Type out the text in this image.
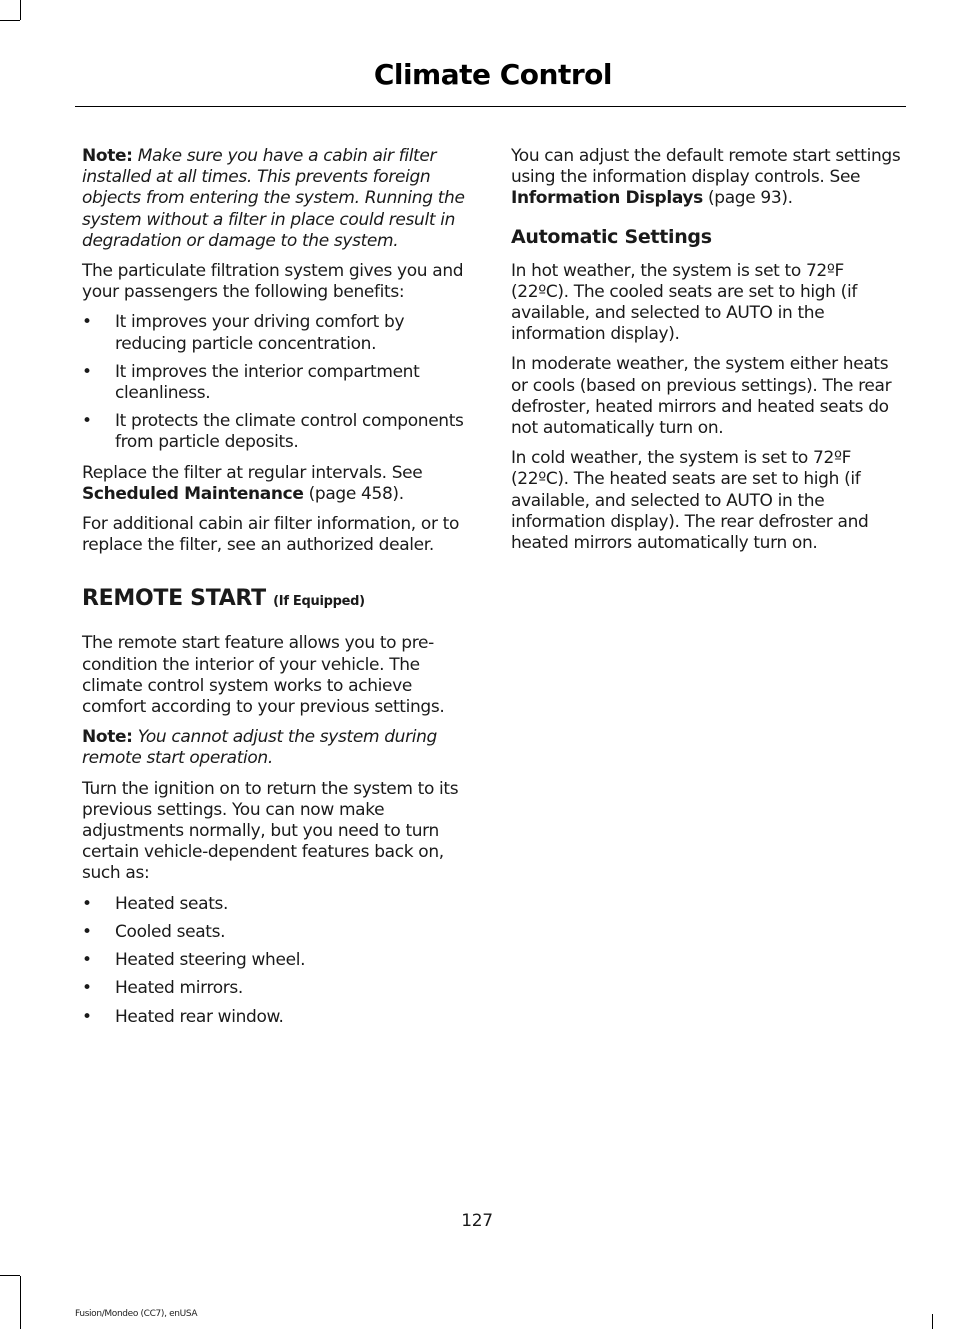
Climate Control

Note: Make sure you have a cabin air filter installed at all times. This prevents foreign objects from entering the system. Running the system without a filter in place could result in degradation or damage to the system.

The particulate filtration system gives you and your passengers the following benefits:

• It improves your driving comfort by reducing particle concentration.
• It improves the interior compartment cleanliness.
• It protects the climate control components from particle deposits.

Replace the filter at regular intervals. See Scheduled Maintenance (page 458).

For additional cabin air filter information, or to replace the filter, see an authorized dealer.

REMOTE START (If Equipped)

The remote start feature allows you to pre-condition the interior of your vehicle. The climate control system works to achieve comfort according to your previous settings.

Note: You cannot adjust the system during remote start operation.

Turn the ignition on to return the system to its previous settings. You can now make adjustments normally, but you need to turn certain vehicle-dependent features back on, such as:

• Heated seats.
• Cooled seats.
• Heated steering wheel.
• Heated mirrors.
• Heated rear window.

You can adjust the default remote start settings using the information display controls. See Information Displays (page 93).

Automatic Settings

In hot weather, the system is set to 72ºF (22ºC). The cooled seats are set to high (if available, and selected to AUTO in the information display).

In moderate weather, the system either heats or cools (based on previous settings). The rear defroster, heated mirrors and heated seats do not automatically turn on.

In cold weather, the system is set to 72ºF (22ºC). The heated seats are set to high (if available, and selected to AUTO in the information display). The rear defroster and heated mirrors automatically turn on.

127

Fusion/Mondeo (CC7), enUSA
